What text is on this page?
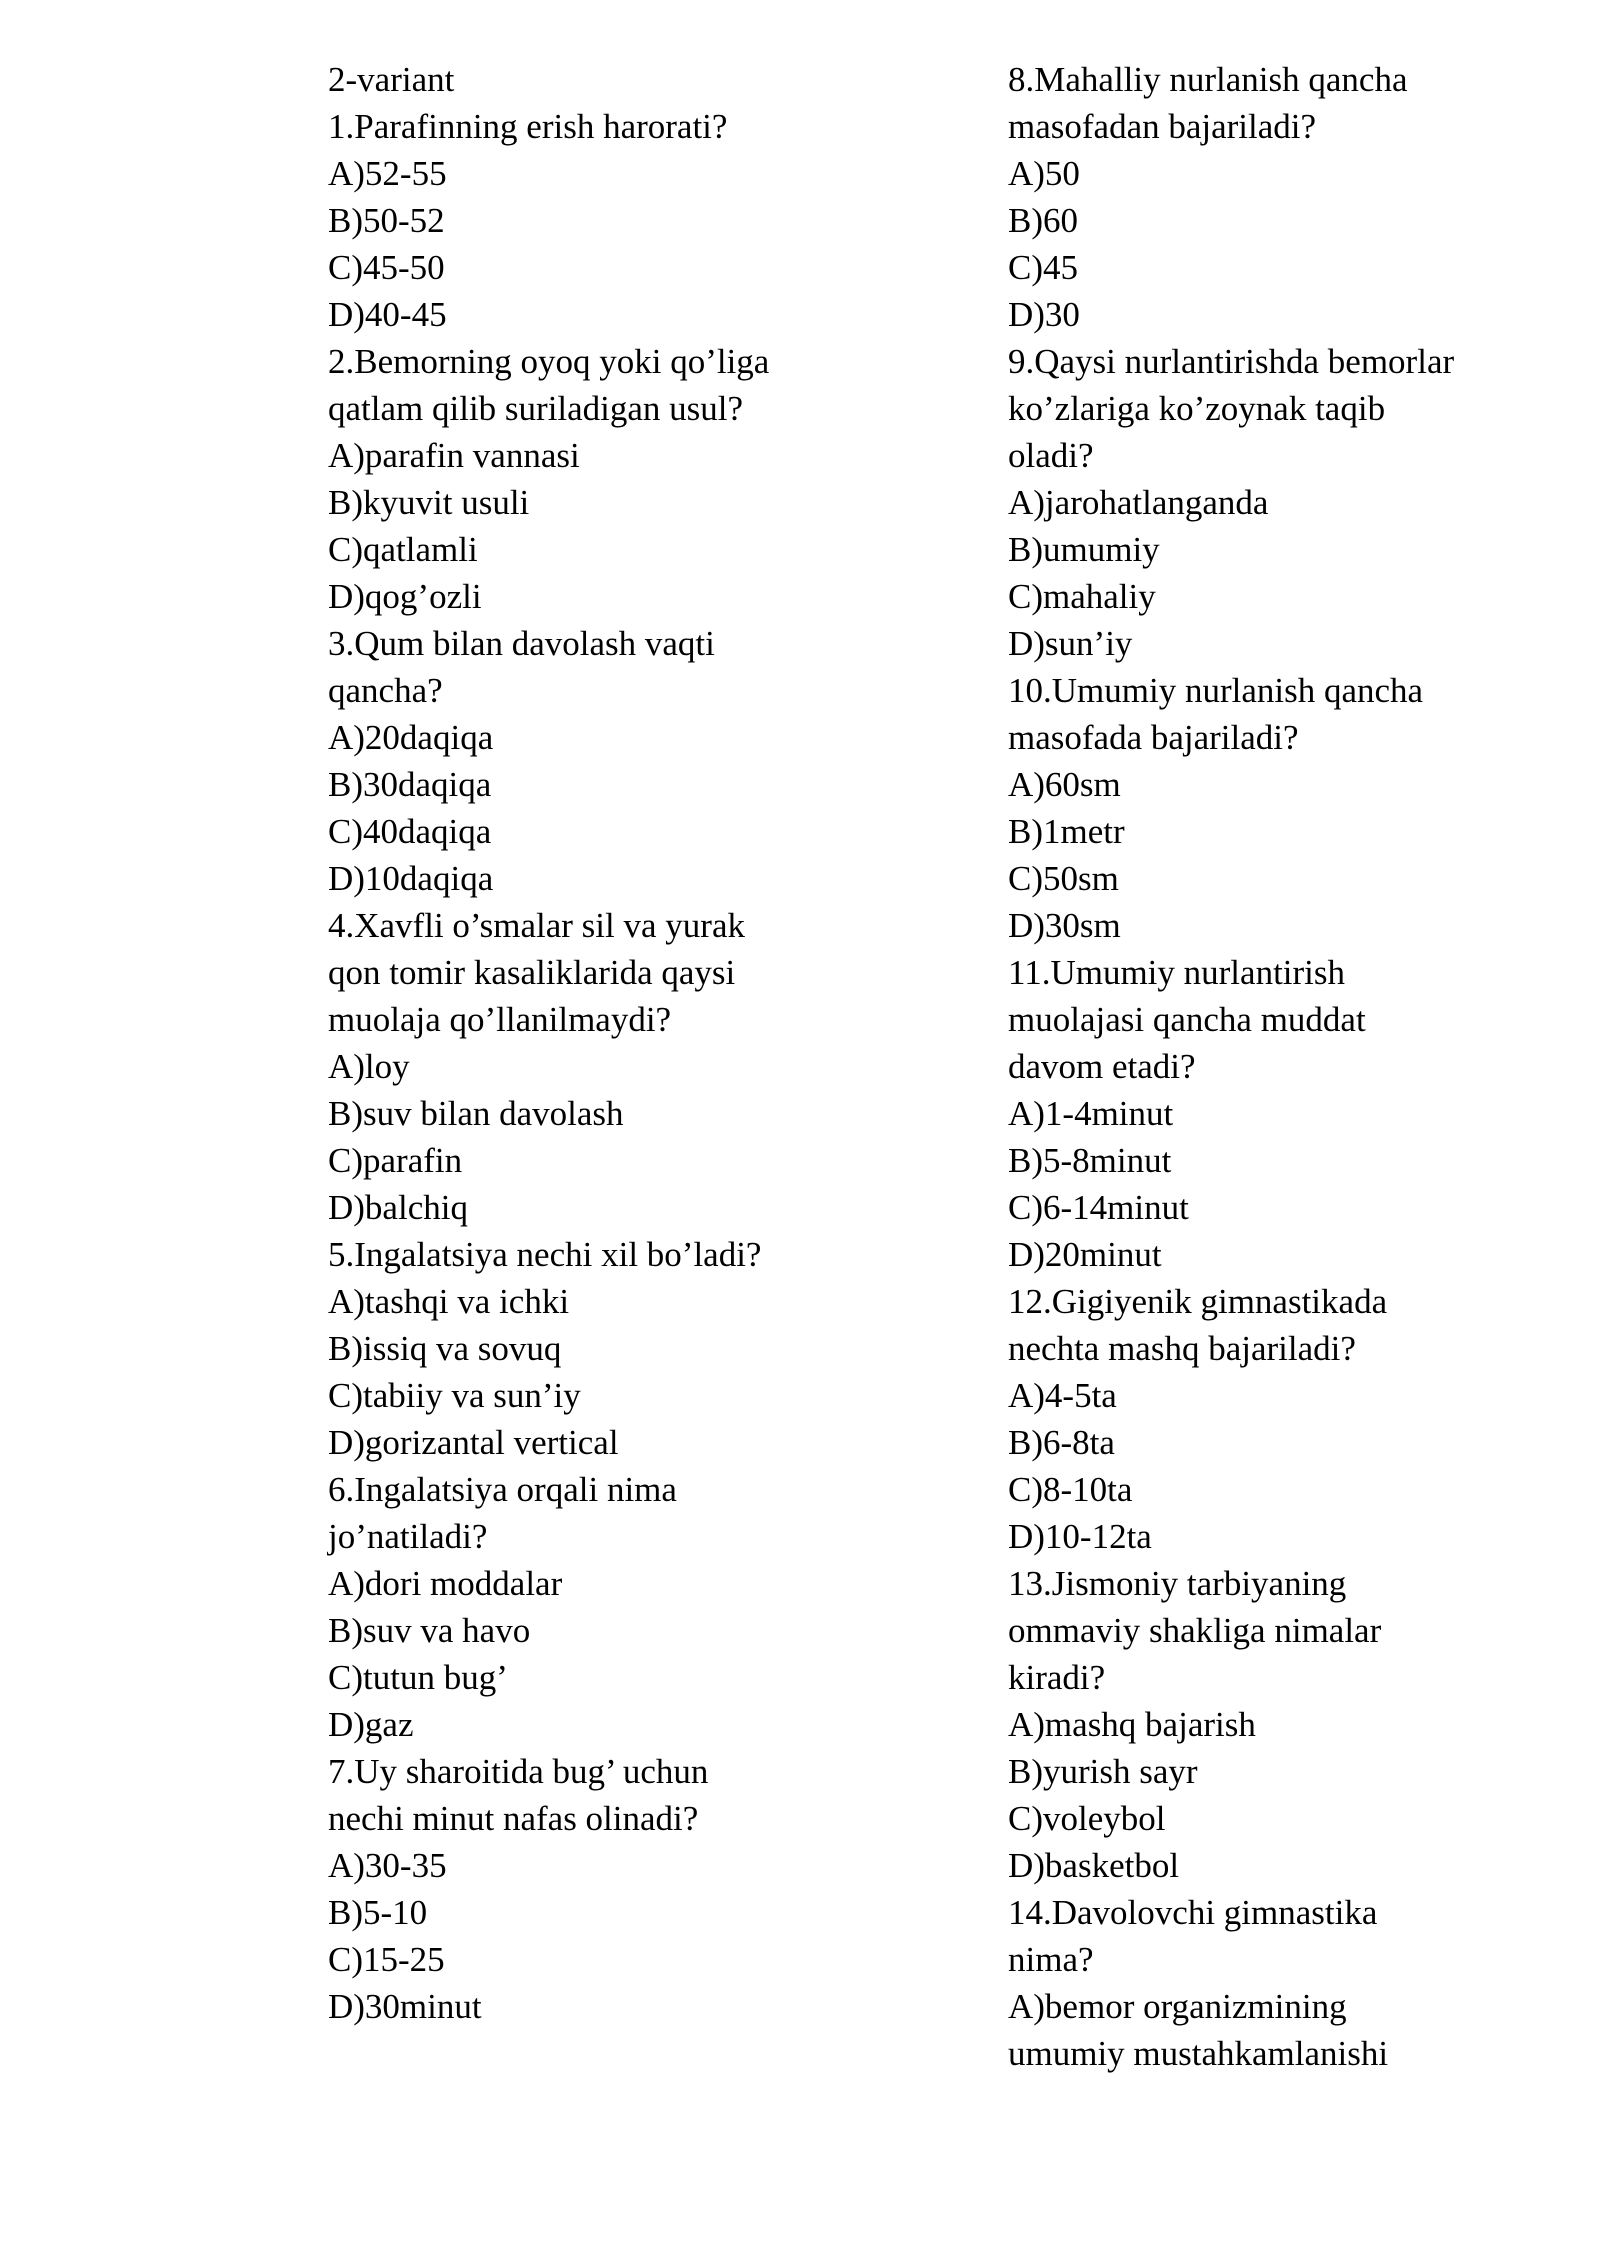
2-variant
1.Parafinning erish harorati?
A)52-55
B)50-52
C)45-50
D)40-45
2.Bemorning oyoq yoki qo’liga
qatlam qilib suriladigan usul?
A)parafin vannasi
B)kyuvit usuli
C)qatlamli
D)qog’ozli
3.Qum bilan davolash vaqti
qancha?
A)20daqiqa
B)30daqiqa
C)40daqiqa
D)10daqiqa
4.Xavfli o’smalar sil va yurak
qon tomir kasaliklarida qaysi
muolaja qo’llanilmaydi?
A)loy
B)suv bilan davolash
C)parafin
D)balchiq
5.Ingalatsiya nechi xil bo’ladi?
A)tashqi va ichki
B)issiq va sovuq
C)tabiiy va sun’iy
D)gorizantal vertical
6.Ingalatsiya orqali nima
jo’natiladi?
A)dori moddalar
B)suv va havo
C)tutun bug’
D)gaz
7.Uy sharoitida bug’ uchun
nechi minut nafas olinadi?
A)30-35
B)5-10
C)15-25
D)30minut
8.Mahalliy nurlanish qancha
masofadan bajariladi?
A)50
B)60
C)45
D)30
9.Qaysi nurlantirishda bemorlar
ko’zlariga ko’zoynak taqib
oladi?
A)jarohatlanganda
B)umumiy
C)mahaliy
D)sun’iy
10.Umumiy nurlanish qancha
masofada bajariladi?
A)60sm
B)1metr
C)50sm
D)30sm
11.Umumiy nurlantirish
muolajasi qancha muddat
davom etadi?
A)1-4minut
B)5-8minut
C)6-14minut
D)20minut
12.Gigiyenik gimnastikada
nechta mashq bajariladi?
A)4-5ta
B)6-8ta
C)8-10ta
D)10-12ta
13.Jismoniy tarbiyaning
ommaviy shakliga nimalar
kiradi?
A)mashq bajarish
B)yurish sayr
C)voleybol
D)basketbol
14.Davolovchi gimnastika
nima?
A)bemor organizmining
umumiy mustahkamlanishi
